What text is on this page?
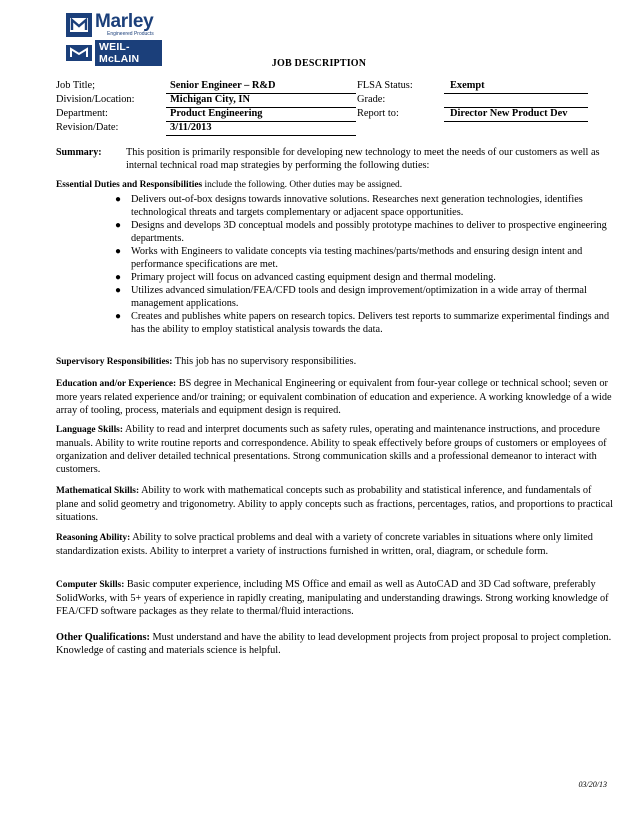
Marley
Engineered Products
WEIL-McLAIN	JOB DESCRIPTION
Job Title;	Senior Engineer – R&D	FLSA Status:	Exempt
Division/Location:	Michigan City, IN	Grade:
Department:	Product Engineering	Report to:	Director New Product Dev
Revision/Date:	3/11/2013
Summary: This position is primarily responsible for developing new technology to meet the needs of our customers as well as internal technical road map strategies by performing the following duties:
Essential Duties and Responsibilities include the following. Other duties may be assigned.
● Delivers out-of-box designs towards innovative solutions. Researches next generation technologies, identifies technological threats and targets complementary or adjacent space opportunities.
● Designs and develops 3D conceptual models and possibly prototype machines to deliver to prospective engineering departments.
● Works with Engineers to validate concepts via testing machines/parts/methods and ensuring design intent and performance specifications are met.
● Primary project will focus on advanced casting equipment design and thermal modeling.
● Utilizes advanced simulation/FEA/CFD tools and design improvement/optimization in a wide array of thermal management applications.
● Creates and publishes white papers on research topics. Delivers test reports to summarize experimental findings and has the ability to employ statistical analysis towards the data.
Supervisory Responsibilities: This job has no supervisory responsibilities.
Education and/or Experience: BS degree in Mechanical Engineering or equivalent from four-year college or technical school; seven or more years related experience and/or training; or equivalent combination of education and experience. A working knowledge of a wide array of tooling, process, materials and equipment design is required.
Language Skills: Ability to read and interpret documents such as safety rules, operating and maintenance instructions, and procedure manuals. Ability to write routine reports and correspondence. Ability to speak effectively before groups of customers or employees of organization and deliver detailed technical presentations. Strong communication skills and a professional demeanor to interact with customers.
Mathematical Skills: Ability to work with mathematical concepts such as probability and statistical inference, and fundamentals of plane and solid geometry and trigonometry. Ability to apply concepts such as fractions, percentages, ratios, and proportions to practical situations.
Reasoning Ability: Ability to solve practical problems and deal with a variety of concrete variables in situations where only limited standardization exists. Ability to interpret a variety of instructions furnished in written, oral, diagram, or schedule form.
Computer Skills: Basic computer experience, including MS Office and email as well as AutoCAD and 3D Cad software, preferably SolidWorks, with 5+ years of experience in rapidly creating, manipulating and understanding drawings. Strong working knowledge of FEA/CFD software packages as they relate to thermal/fluid interactions.
Other Qualifications: Must understand and have the ability to lead development projects from project proposal to project completion. Knowledge of casting and materials science is helpful.
03/20/13
